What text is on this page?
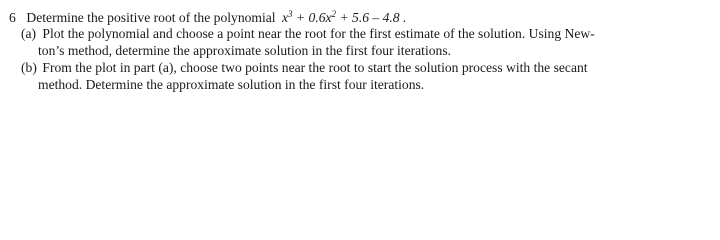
6 Determine the positive root of the polynomial $x^3 + 0.6x^2 + 5.6 - 4.8$ .
(a) Plot the polynomial and choose a point near the root for the first estimate of the solution. Using New-
ton’s method, determine the approximate solution in the first four iterations.
(b) From the plot in part (a), choose two points near the root to start the solution process with the secant
method. Determine the approximate solution in the first four iterations.
